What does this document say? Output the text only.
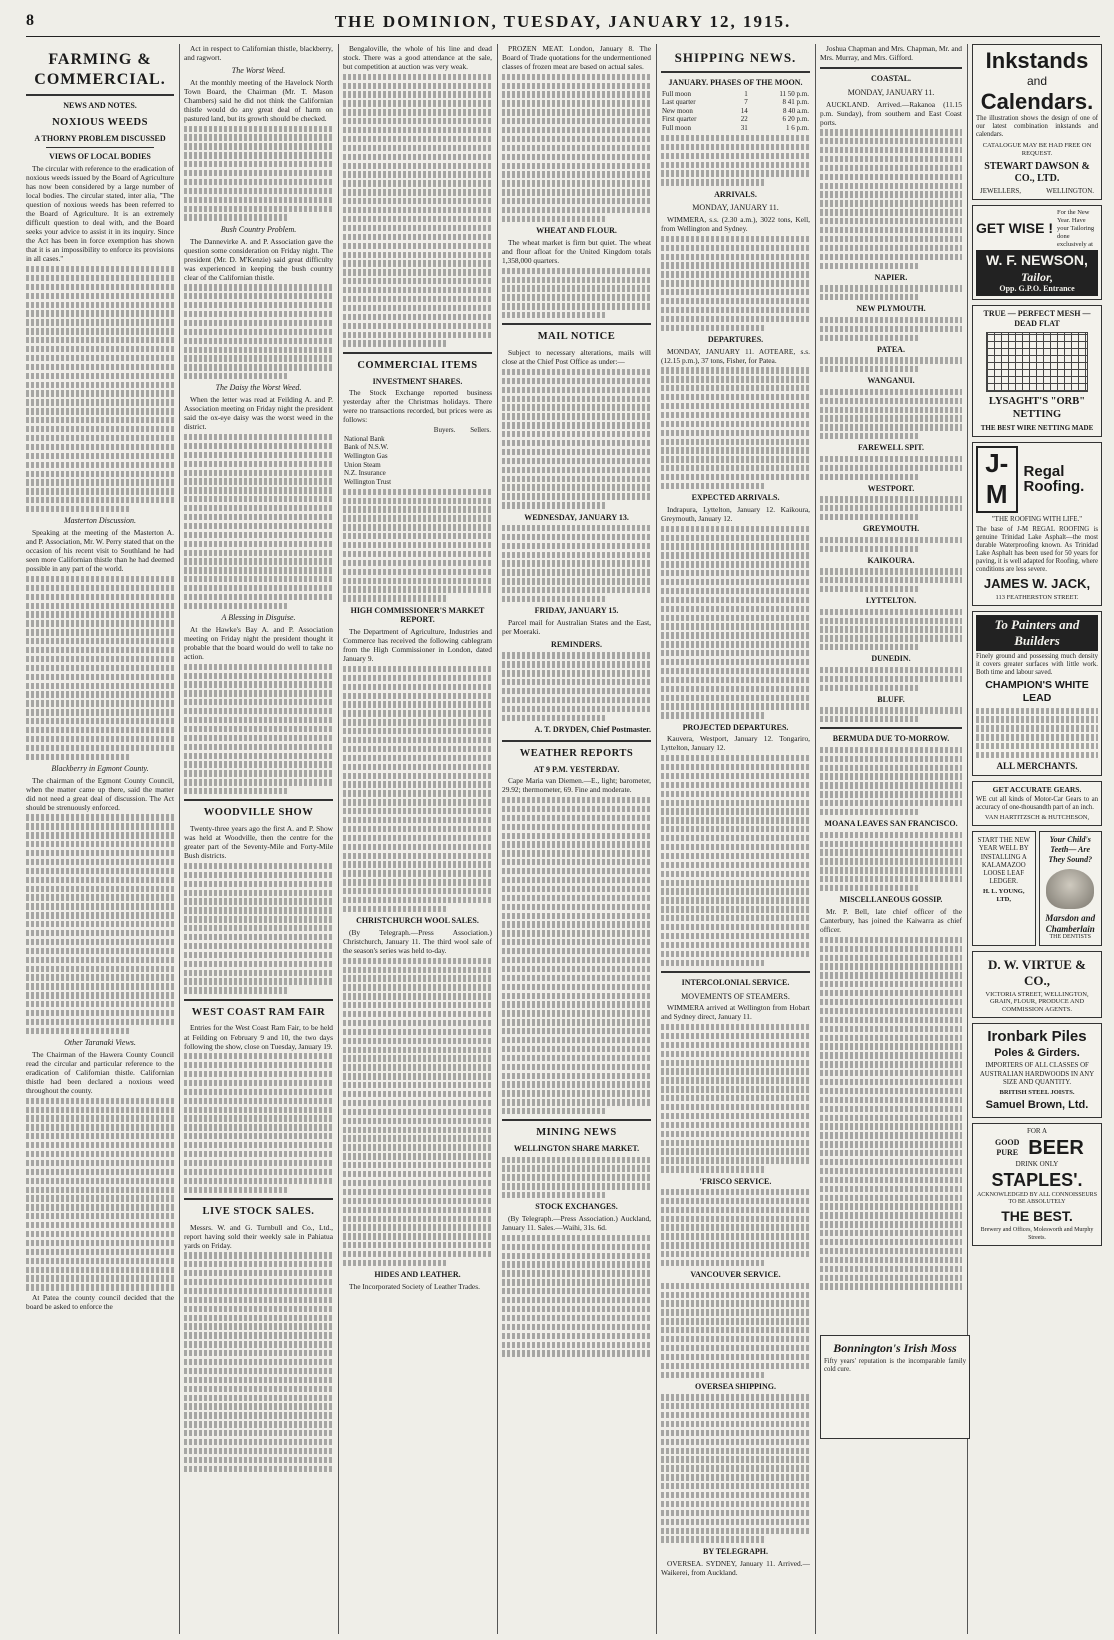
8	THE DOMINION, TUESDAY, JANUARY 12, 1915.
FARMING & COMMERCIAL.
NEWS AND NOTES.
NOXIOUS WEEDS
A THORNY PROBLEM DISCUSSED
VIEWS OF LOCAL BODIES

The circular with reference to the eradication of noxious weeds issued by the Board of Agriculture has now been considered by a large number of local bodies. The circular stated, inter alia, "The question of noxious weeds has been referred to the Board of Agriculture. It is an extremely difficult question to deal with, and the Board seeks your advice to assist it in its inquiry. Since the Act has been in force exemption has shown that it is an impossibility to enforce its provisions in all cases."

Masterton Discussion.

Speaking at the meeting of the Masterton A. and P. Association, Mr. W. Perry stated that on the occasion of his recent visit to Southland he had seen more Californian thistle than he had deemed possible in any part of the world.

Blackberry in Egmont County.

The chairman of the Egmont County Council, when the matter came up there, said the matter did not need a great deal of discussion. The Act should be strenuously enforced.

Other Taranaki Views.

The Chairman of the Hawera County Council read the circular and particular reference to the eradication of Californian thistle. Californian thistle had been declared a noxious weed throughout the county.

At Patea the county council decided that the board be asked to enforce the

Act in respect to Californian thistle, blackberry, and ragwort.

The Worst Weed.

At the monthly meeting of the Havelock North Town Board, the Chairman (Mr. T. Mason Chambers) said he did not think the Californian thistle would do any great deal of harm on pastured land, but its growth should be checked.

Bush Country Problem.

The Dannevirke A. and P. Association gave the question some consideration on Friday night. The president (Mr. D. M'Kenzie) said great difficulty was experienced in keeping the bush country clear of the Californian thistle.

The Daisy the Worst Weed.

When the letter was read at Feilding A. and P. Association meeting on Friday night the president said the ox-eye daisy was the worst weed in the district.

A Blessing in Disguise.

At the Hawke's Bay A. and P. Association meeting on Friday night the president thought it probable that the board would do well to take no action.

WOODVILLE SHOW

Twenty-three years ago the first A. and P. Show was held at Woodville, then the centre for the greater part of the Seventy-Mile and Forty-Mile Bush districts.

WEST COAST RAM FAIR

Entries for the West Coast Ram Fair, to be held at Feilding on February 9 and 10, the two days following the show, close on Tuesday, January 19.

LIVE STOCK SALES.

Messrs. W. and G. Turnbull and Co., Ltd., report having sold their weekly sale in Pahiatua yards on Friday.

Bengaloville, the whole of his line and dead stock. There was a good attendance at the sale, but competition at auction was very weak.

COMMERCIAL ITEMS
INVESTMENT SHARES.

The Stock Exchange reported business yesterday after the Christmas holidays. There were no transactions recorded, but prices were as follows:

	Buyers.	Sellers.
National Bank		
Bank of N.S.W.		
Wellington Gas		
Union Steam		
N.Z. Insurance		
Wellington Trust		
HIGH COMMISSIONER'S MARKET REPORT.

The Department of Agriculture, Industries and Commerce has received the following cablegram from the High Commissioner in London, dated January 9.

CHRISTCHURCH WOOL SALES.

(By Telegraph.—Press Association.) Christchurch, January 11. The third wool sale of the season's series was held to-day.

HIDES AND LEATHER.

The Incorporated Society of Leather Trades.

PROZEN MEAT. London, January 8. The Board of Trade quotations for the undermentioned classes of frozen meat are based on actual sales.

WHEAT AND FLOUR.

The wheat market is firm but quiet. The wheat and flour afloat for the United Kingdom totals 1,358,000 quarters.

MAIL NOTICE

Subject to necessary alterations, mails will close at the Chief Post Office as under:—

WEDNESDAY, JANUARY 13.
FRIDAY, JANUARY 15.

Parcel mail for Australian States and the East, per Moeraki.

REMINDERS.
A. T. DRYDEN, Chief Postmaster.
WEATHER REPORTS
AT 9 P.M. YESTERDAY.

Cape Maria van Diemen.—E., light; barometer, 29.92; thermometer, 69. Fine and moderate.

MINING NEWS
WELLINGTON SHARE MARKET.
STOCK EXCHANGES.

(By Telegraph.—Press Association.) Auckland, January 11. Sales.—Waihi, 31s. 6d.

SHIPPING NEWS.
JANUARY. PHASES OF THE MOON.
Full moon	1	11 50 p.m.
Last quarter	7	8 41 p.m.
New moon	14	8 40 a.m.
First quarter	22	6 20 p.m.
Full moon	31	1 6 p.m.
ARRIVALS.
MONDAY, JANUARY 11.

WIMMERA, s.s. (2.30 a.m.), 3022 tons, Kell, from Wellington and Sydney.

DEPARTURES.

MONDAY, JANUARY 11. AOTEARE, s.s. (12.15 p.m.), 37 tons, Fisher, for Patea.

EXPECTED ARRIVALS.

Indrapura, Lyttelton, January 12. Kaikoura, Greymouth, January 12.

PROJECTED DEPARTURES.

Kauvera, Westport, January 12. Tongariro, Lyttelton, January 12.

INTERCOLONIAL SERVICE.
MOVEMENTS OF STEAMERS.

WIMMERA arrived at Wellington from Hobart and Sydney direct, January 11.

'FRISCO SERVICE.
VANCOUVER SERVICE.
OVERSEA SHIPPING.
BY TELEGRAPH.

OVERSEA. SYDNEY, January 11. Arrived.—Waikerei, from Auckland.

Joshua Chapman and Mrs. Chapman, Mr. and Mrs. Murray, and Mrs. Gifford.

COASTAL.
MONDAY, JANUARY 11.

AUCKLAND. Arrived.—Rakanoa (11.15 p.m. Sunday), from southern and East Coast ports.

NAPIER.
NEW PLYMOUTH.
PATEA.
WANGANUI.
FAREWELL SPIT.
WESTPORT.
GREYMOUTH.
KAIKOURA.
LYTTELTON.
DUNEDIN.
BLUFF.
BERMUDA DUE TO-MORROW.
MOANA LEAVES SAN FRANCISCO.
MISCELLANEOUS GOSSIP.

Mr. P. Bell, late chief officer of the Canterbury, has joined the Kaiwarra as chief officer.

Bonnington's Irish Moss

Fifty years' reputation is the incomparable family cold cure.

Inkstands
and
Calendars.

The illustration shows the design of one of our latest combination inkstands and calendars.

CATALOGUE MAY BE HAD FREE ON REQUEST.
STEWART DAWSON & CO., LTD.
JEWELLERS,	WELLINGTON.
GET WISE !
For the New Year. Have your Tailoring done exclusively at
W. F. NEWSON, Tailor,
Opp. G.P.O. Entrance
TRUE — PERFECT MESH — DEAD FLAT
LYSAGHT'S "ORB" NETTING
THE BEST WIRE NETTING MADE
J-M
Regal Roofing.
"THE ROOFING WITH LIFE."

The base of J-M REGAL ROOFING is genuine Trinidad Lake Asphalt—the most durable Waterproofing known. As Trinidad Lake Asphalt has been used for 50 years for paving, it is well adapted for Roofing, where conditions are less severe.

JAMES W. JACK,
113 FEATHERSTON STREET.
To Painters and Builders

Finely ground and possessing much density it covers greater surfaces with little work. Both time and labour saved.

CHAMPION'S WHITE LEAD
ALL MERCHANTS.
GET ACCURATE GEARS.

WE cut all kinds of Motor-Car Gears to an accuracy of one-thousandth part of an inch.

VAN HARTITZSCH & HUTCHESON,

START THE NEW YEAR WELL BY INSTALLING A KALAMAZOO LOOSE LEAF LEDGER.

H. L. YOUNG, LTD,
Your Child's Teeth— Are They Sound?
Marsdon and Chamberlain
THE DENTISTS
D. W. VIRTUE & CO.,
VICTORIA STREET, WELLINGTON, GRAIN, FLOUR, PRODUCE AND COMMISSION AGENTS.
Ironbark Piles
Poles & Girders.

IMPORTERS OF ALL CLASSES OF AUSTRALIAN HARDWOODS IN ANY SIZE AND QUANTITY.

BRITISH STEEL JOISTS.
Samuel Brown, Ltd.
FOR A
GOOD PURE BEER
DRINK ONLY
STAPLES'.
ACKNOWLEDGED BY ALL CONNOISSEURS TO BE ABSOLUTELY
THE BEST.
Brewery and Offices, Molesworth and Murphy Streets.
